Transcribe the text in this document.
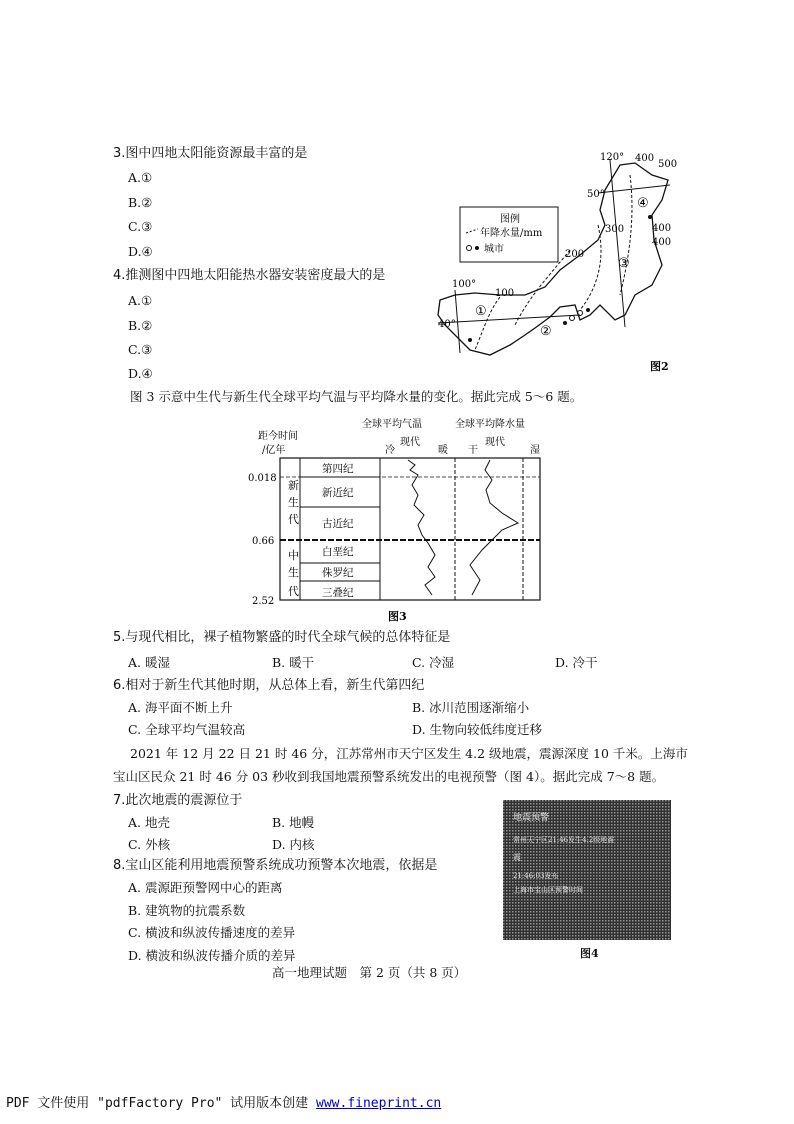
3.图中四地太阳能资源最丰富的是
A.①
B.②
C.③
D.④
4.推测图中四地太阳能热水器安装密度最大的是
A.①
B.②
C.③
D.④
图例
年降水量/mm
城市
120° 400
500
50°
300	400
400
200
100°
100
40°
④
③
①
②
图2
图 3 示意中生代与新生代全球平均气温与平均降水量的变化。据此完成 5～6 题。
距今时间
/亿年
全球平均气温	全球平均降水量
现代	现代
冷	暖 干	湿
新
生
代
中
生
代
第四纪
新近纪
古近纪
白垩纪
侏罗纪
三叠纪
0.018
0.66
2.52
图3
5.与现代相比，裸子植物繁盛的时代全球气候的总体特征是
A. 暖湿	B. 暖干	C. 冷湿	D. 冷干
6.相对于新生代其他时期，从总体上看，新生代第四纪
A. 海平面不断上升	B. 冰川范围逐渐缩小
C. 全球平均气温较高	D. 生物向较低纬度迁移
2021 年 12 月 22 日 21 时 46 分，江苏常州市天宁区发生 4.2 级地震，震源深度 10 千米。上海市
宝山区民众 21 时 46 分 03 秒收到我国地震预警系统发出的电视预警（图 4）。据此完成 7～8 题。
7.此次地震的震源位于
A. 地壳	B. 地幔
C. 外核	D. 内核
8.宝山区能利用地震预警系统成功预警本次地震，依据是
A. 震源距预警网中心的距离
B. 建筑物的抗震系数
C. 横波和纵波传播速度的差异
D. 横波和纵波传播介质的差异
地震预警
常州天宁区21:46发生4.2级地震
震
21:46:03发布
上海市宝山区预警时间
图4
高一地理试题　第 2 页（共 8 页）
PDF 文件使用 "pdfFactory Pro" 试用版本创建 www.fineprint.cn
